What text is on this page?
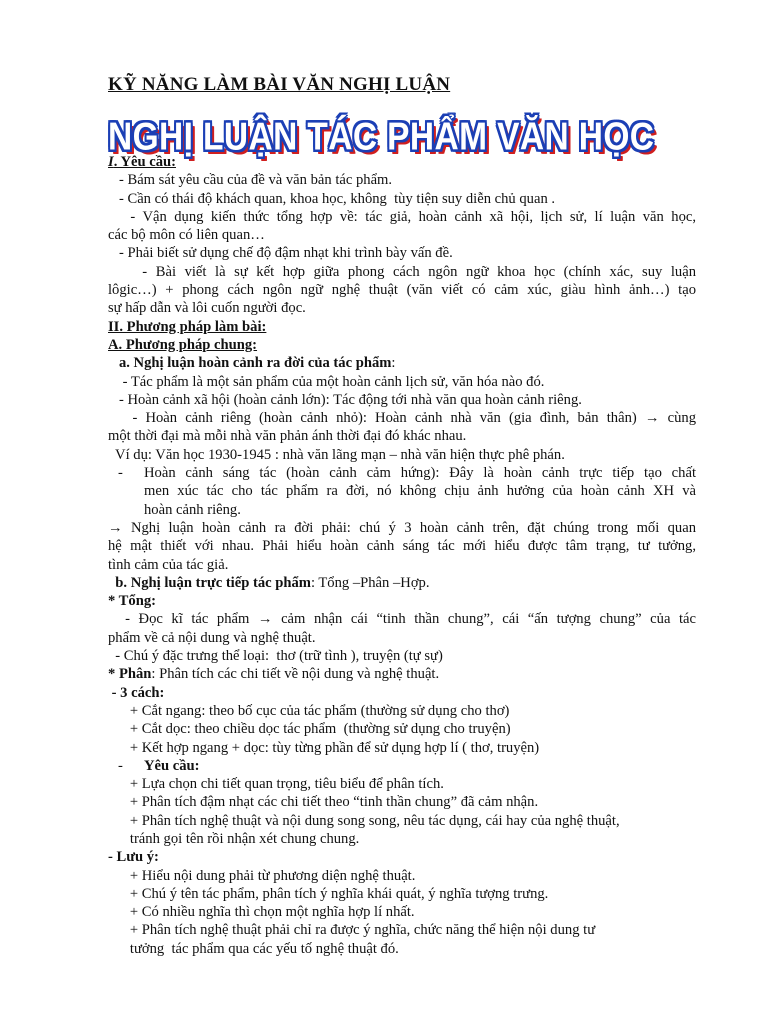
KỸ NĂNG LÀM BÀI VĂN NGHỊ LUẬN
NGHỊ LUẬN TÁC PHẨM VĂN HỌC

I. Yêu cầu:

- Bám sát yêu cầu của đề và văn bản tác phẩm.

- Cần có thái độ khách quan, khoa học, không  tùy tiện suy diễn chủ quan .

- Vận dụng kiến thức tổng hợp về: tác giả, hoàn cảnh xã hội, lịch sử, lí luận văn học,

các bộ môn có liên quan…

- Phải biết sử dụng chế độ đậm nhạt khi trình bày vấn đề.

- Bài viết là sự kết hợp giữa phong cách ngôn ngữ khoa học (chính xác, suy luận

lôgic…) + phong cách ngôn ngữ nghệ thuật (văn viết có cảm xúc, giàu hình ảnh…) tạo

sự hấp dẫn và lôi cuốn người đọc.

II. Phương pháp làm bài:

A. Phương pháp chung:

a. Nghị luận hoàn cảnh ra đời của tác phẩm:

- Tác phẩm là một sản phẩm của một hoàn cảnh lịch sử, văn hóa nào đó.

- Hoàn cảnh xã hội (hoàn cảnh lớn): Tác động tới nhà văn qua hoàn cảnh riêng.

- Hoàn cảnh riêng (hoàn cảnh nhỏ): Hoàn cảnh nhà văn (gia đình, bản thân) → cùng

một thời đại mà mỗi nhà văn phản ánh thời đại đó khác nhau.

Ví dụ: Văn học 1930-1945 : nhà văn lãng mạn – nhà văn hiện thực phê phán.

-	Hoàn cảnh sáng tác (hoàn cảnh cảm hứng): Đây là hoàn cảnh trực tiếp tạo chất

men xúc tác cho tác phẩm ra đời, nó không chịu ảnh hưởng của hoàn cảnh XH và

hoàn cảnh riêng.

→ Nghị luận hoàn cảnh ra đời phải: chú ý 3 hoàn cảnh trên, đặt chúng trong mối quan

hệ mật thiết với nhau. Phải hiểu hoàn cảnh sáng tác mới hiểu được tâm trạng, tư tưởng,

tình cảm của tác giả.

b. Nghị luận trực tiếp tác phẩm: Tổng –Phân –Hợp.

* Tổng:

- Đọc kĩ tác phẩm → cảm nhận cái “tinh thần chung”, cái “ấn tượng chung” của tác

phẩm về cả nội dung và nghệ thuật.

- Chú ý đặc trưng thể loại:  thơ (trữ tình ), truyện (tự sự)

* Phân: Phân tích các chi tiết về nội dung và nghệ thuật.

- 3 cách:

+ Cắt ngang: theo bố cục của tác phẩm (thường sử dụng cho thơ)

+ Cắt dọc: theo chiều dọc tác phẩm  (thường sử dụng cho truyện)

+ Kết hợp ngang + dọc: tùy từng phần để sử dụng hợp lí ( thơ, truyện)

-	Yêu cầu:

+ Lựa chọn chi tiết quan trọng, tiêu biểu để phân tích.

+ Phân tích đậm nhạt các chi tiết theo “tinh thần chung” đã cảm nhận.

+ Phân tích nghệ thuật và nội dung song song, nêu tác dụng, cái hay của nghệ thuật,

tránh gọi tên rồi nhận xét chung chung.

- Lưu ý:

+ Hiểu nội dung phải từ phương diện nghệ thuật.

+ Chú ý tên tác phẩm, phân tích ý nghĩa khái quát, ý nghĩa tượng trưng.

+ Có nhiều nghĩa thì chọn một nghĩa hợp lí nhất.

+ Phân tích nghệ thuật phải chỉ ra được ý nghĩa, chức năng thể hiện nội dung tư

tưởng  tác phẩm qua các yếu tố nghệ thuật đó.
